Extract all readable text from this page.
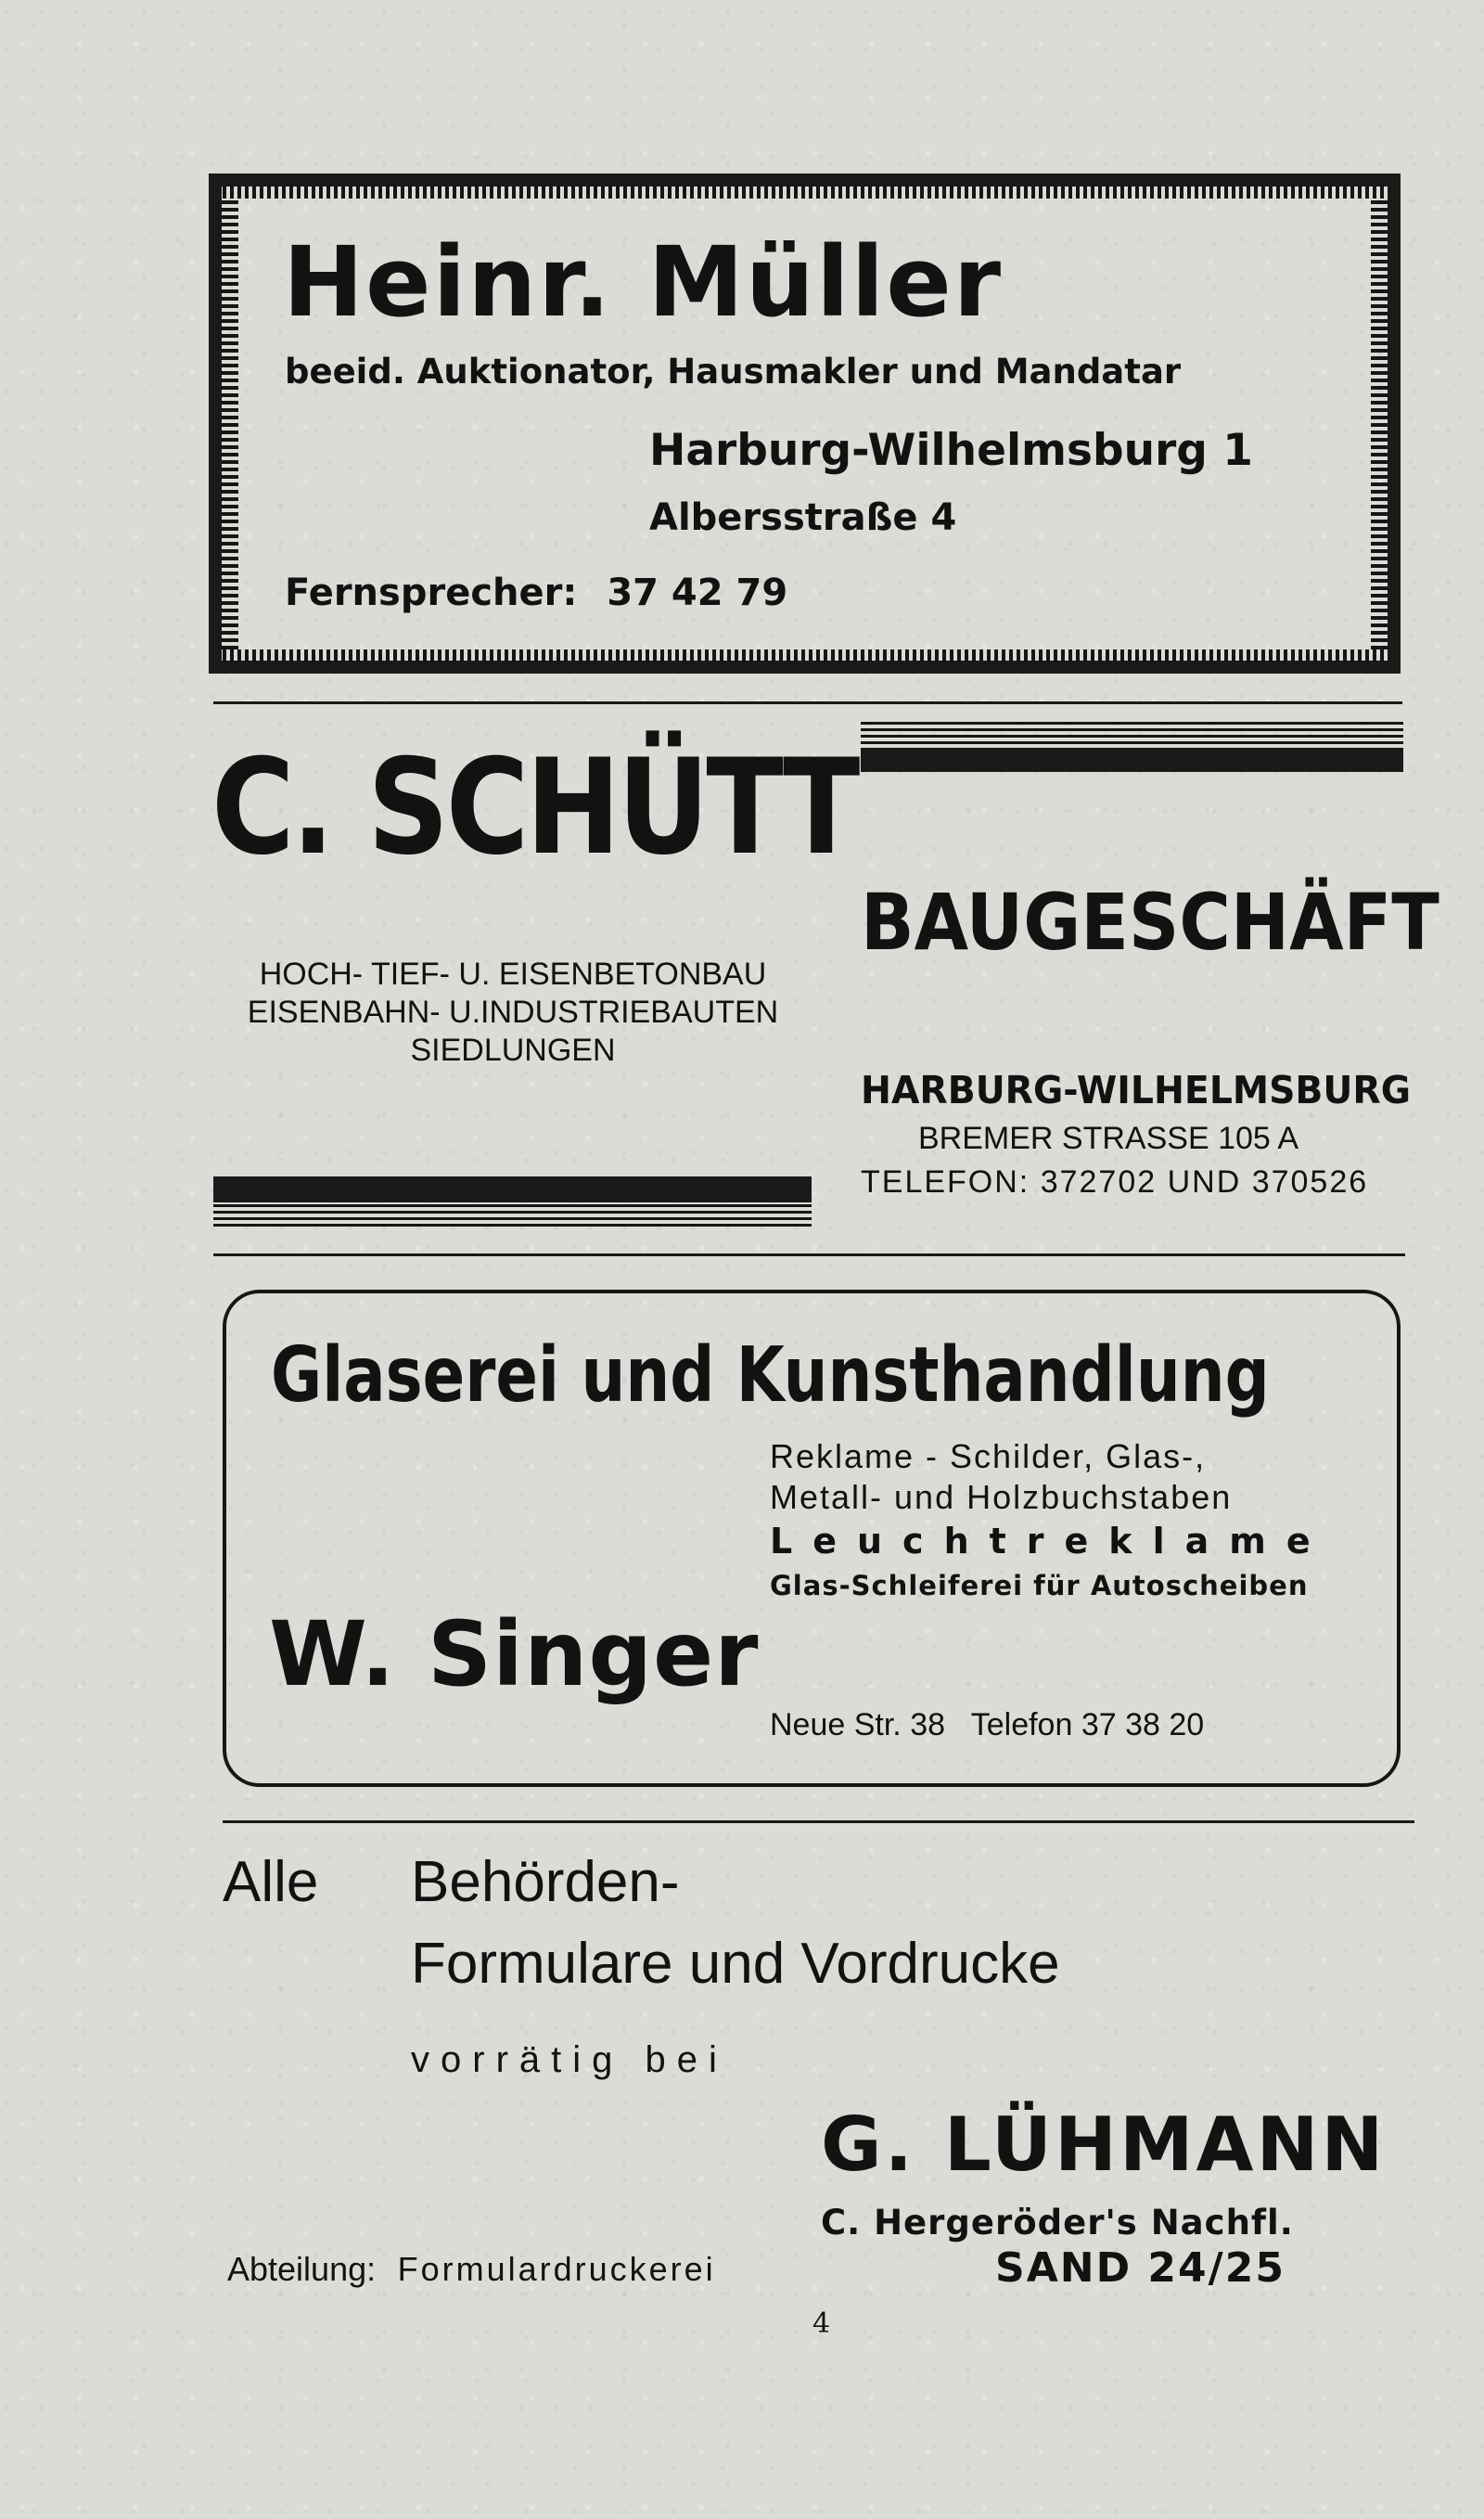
Heinr. Müller
beeid. Auktionator, Hausmakler und Mandatar
Harburg-Wilhelmsburg 1
Albersstraße 4
Fernsprecher: 37 42 79
C. SCHÜTT
BAUGESCHÄFT
HOCH- TIEF- U. EISENBETONBAU
EISENBAHN- U.INDUSTRIEBAUTEN
SIEDLUNGEN
HARBURG-WILHELMSBURG
BREMER STRASSE 105 A
TELEFON: 372702 UND 370526
Glaserei und Kunsthandlung
Reklame - Schilder, Glas-,
Metall- und Holzbuchstaben
Leuchtreklame
Glas-Schleiferei für Autoscheiben
W. Singer
Neue Str. 38   Telefon 37 38 20
Alle Behörden-
Formulare und Vordrucke
vorrätig bei
G. LÜHMANN
C. Hergeröder's Nachfl.
Abteilung: Formulardruckerei	SAND 24/25
4
